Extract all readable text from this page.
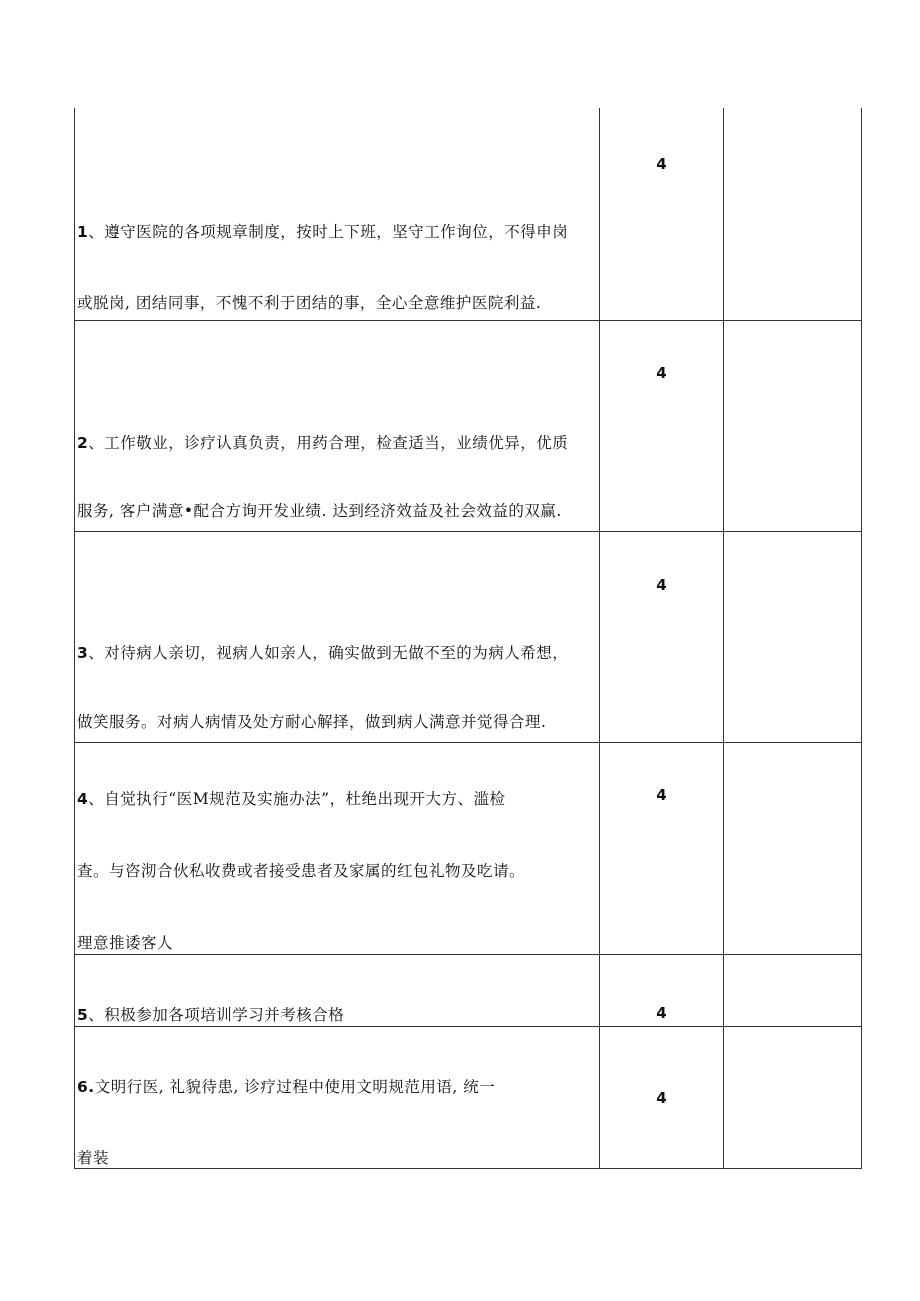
1、遵守医院的各项规章制度，按时上下班，坚守工作询位，不得申岗
或脱岗, 团结同事，不愧不利于团结的事，全心全意维护医院利益.	4	

2、工作敬业，诊疗认真负责，用药合理，检查适当，业绩优异，优质
服务, 客户满意•配合方询开发业绩. 达到经济效益及社会效益的双赢.	4	

3、对待病人亲切，视病人如亲人，确实做到无做不至的为病人希想，
做笑服务。对病人病情及处方耐心解择，做到病人满意并觉得合理.	4	

4、自觉执行“医M规范及实施办法”，杜绝出现开大方、滥检
查。与咨沏合伙私收费或者接受患者及家属的红包礼物及吃请。
理意推诿客人	4	

5、积极参加各项培训学习并考核合格	4	

6.文明行医, 礼貌待患, 诊疗过程中使用文明规范用语, 统一
着装	4	
